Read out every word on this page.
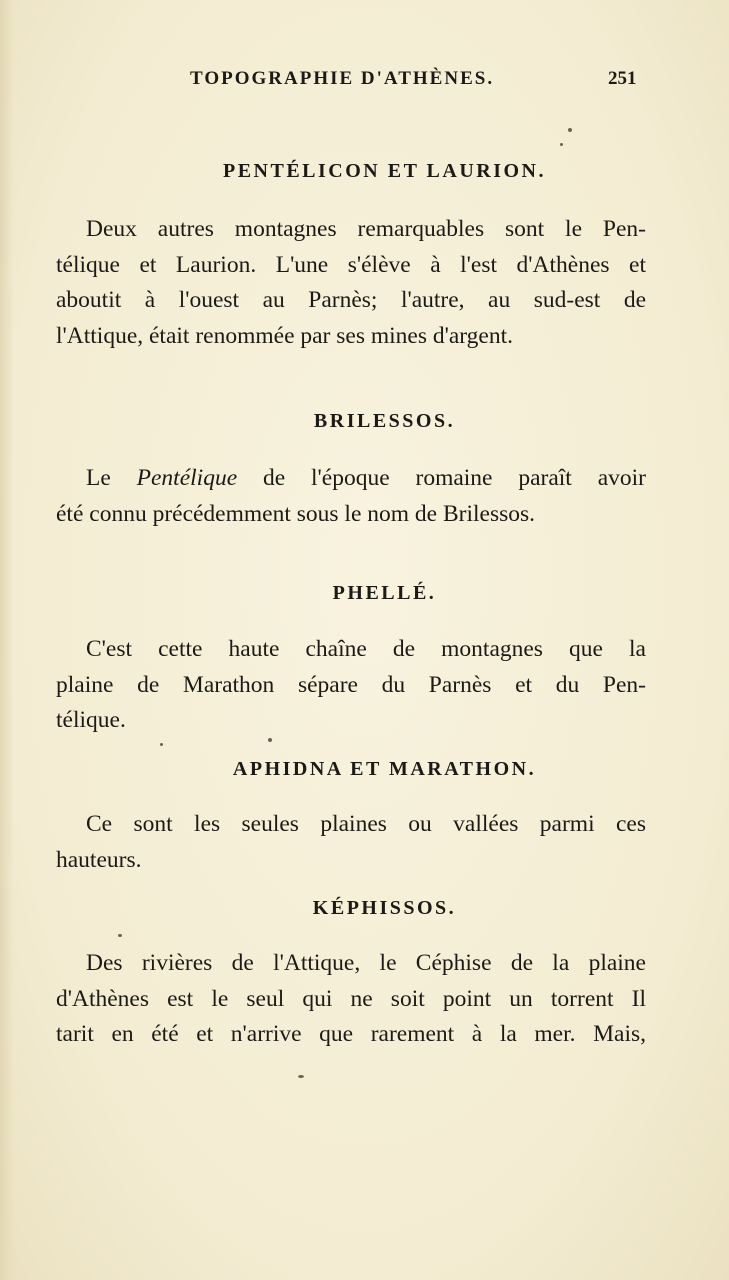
TOPOGRAPHIE D'ATHÈNES.	251
PENTÉLICON ET LAURION.
Deux autres montagnes remarquables sont le Pen-
télique et Laurion. L'une s'élève à l'est d'Athènes et
aboutit à l'ouest au Parnès; l'autre, au sud-est de
l'Attique, était renommée par ses mines d'argent.
BRILESSOS.
Le Pentélique de l'époque romaine paraît avoir
été connu précédemment sous le nom de Brilessos.
PHELLÉ.
C'est cette haute chaîne de montagnes que la
plaine de Marathon sépare du Parnès et du Pen-
télique.
APHIDNA ET MARATHON.
Ce sont les seules plaines ou vallées parmi ces
hauteurs.
KÉPHISSOS.
Des rivières de l'Attique, le Céphise de la plaine
d'Athènes est le seul qui ne soit point un torrent Il
tarit en été et n'arrive que rarement à la mer. Mais,
